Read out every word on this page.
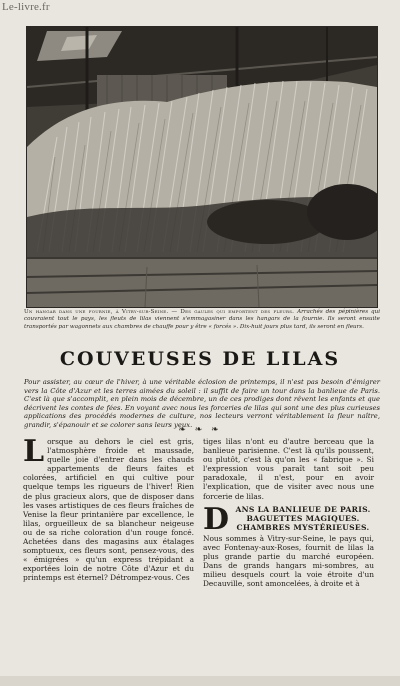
Le-livre.fr
Un hangar dans une fournie, à Vitry-sur-Seine. — Des gaules qui emportent des fleurs. Arrachés des pépinières qui couvraient tout le pays, les fleuts de lilas viennent s'emmagasiner dans les hangars de la fournie. Ils seront ensuite transportés par wagonnets aux chambres de chauffe pour y être « forcés ». Dix-huit jours plus tard, ils seront en fleurs.
COUVEUSES DE LILAS
Pour assister, au cœur de l'hiver, à une véritable éclosion de printemps, il n'est pas besoin d'émigrer vers la Côte d'Azur et les terres aimées du soleil : il suffit de faire un tour dans la banlieue de Paris. C'est là que s'accomplit, en plein mois de décembre, un de ces prodiges dont rêvent les enfants et que décrivent les contes de fées. En voyant avec nous les forceries de lilas qui sont une des plus curieuses applications des procédés modernes de culture, nos lecteurs verront véritablement la fleur naître, grandir, s'épanouir et se colorer sans leurs yeux.
❧ ❧ ❧

L orsque au dehors le ciel est gris, l'atmosphère froide et maussade, quelle joie d'entrer dans les chauds appartements de fleurs faites et colorées, artificiel en qui cultive pour quelque temps les rigueurs de l'hiver! Rien de plus gracieux alors, que de disposer dans les vases artistiques de ces fleurs fraîches de Venise la fleur printanière par excellence, le lilas, orgueilleux de sa blancheur neigeuse ou de sa riche coloration d'un rouge foncé. Achetées dans des magasins aux étalages somptueux, ces fleurs sont, pensez-vous, des « émigrées » qu'un express trépidant a exportées loin de notre Côte d'Azur et du printemps est éternel? Détrompez-vous. Ces

tiges lilas n'ont eu d'autre berceau que la banlieue parisienne. C'est là qu'ils poussent, ou plutôt, c'est là qu'on les « fabrique ». Si l'expression vous paraît tant soit peu paradoxale, il n'est, pour en avoir l'explication, que de visiter avec nous une forcerie de lilas.

D ANS LA BANLIEUE DE PARIS. BAGUETTES MAGIQUES. CHAMBRES MYSTÉRIEUSES.

Nous sommes à Vitry-sur-Seine, le pays qui, avec Fontenay-aux-Roses, fournit de lilas la plus grande partie du marché européen. Dans de grands hangars mi-sombres, au milieu desquels court la voie étroite d'un Decauville, sont amoncelées, à droite et à
